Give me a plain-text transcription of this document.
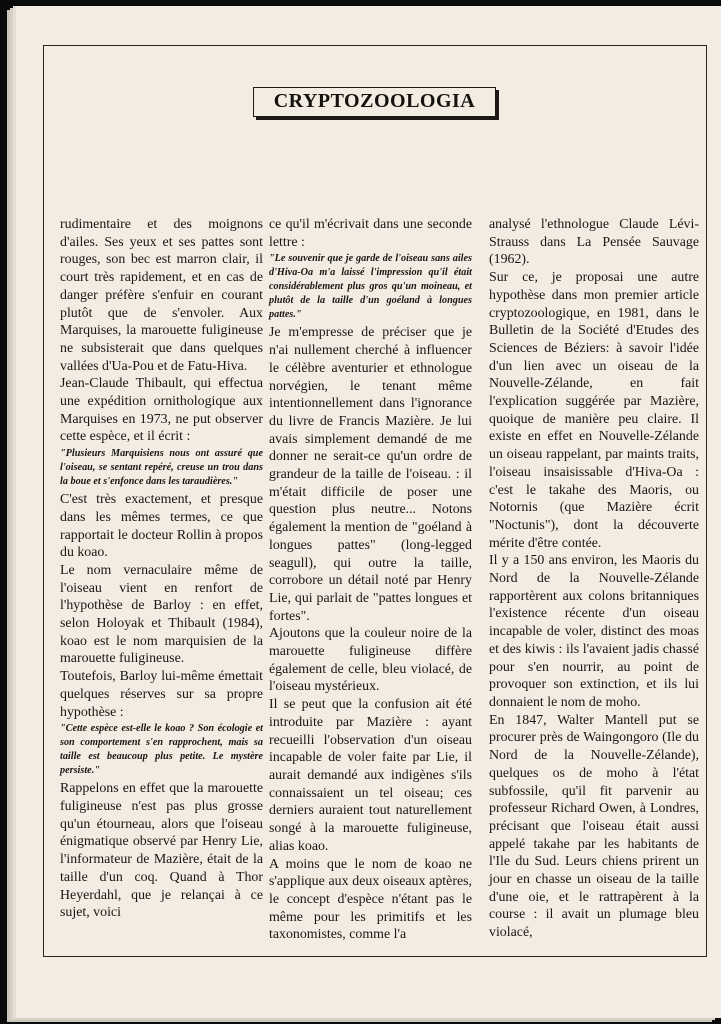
CRYPTOZOOLOGIA

rudimentaire et des moignons d'ailes. Ses yeux et ses pattes sont rouges, son bec est marron clair, il court très rapidement, et en cas de danger préfère s'enfuir en courant plutôt que de s'envoler. Aux Marquises, la marouette fuligineuse ne subsisterait que dans quelques vallées d'Ua-Pou et de Fatu-Hiva.

Jean-Claude Thibault, qui effectua une expédition ornithologique aux Marquises en 1973, ne put observer cette espèce, et il écrit :

"Plusieurs Marquisiens nous ont assuré que l'oiseau, se sentant repéré, creuse un trou dans la boue et s'enfonce dans les taraudières."

C'est très exactement, et presque dans les mêmes termes, ce que rapportait le docteur Rollin à propos du koao.

Le nom vernaculaire même de l'oiseau vient en renfort de l'hypothèse de Barloy : en effet, selon Holoyak et Thibault (1984), koao est le nom marquisien de la marouette fuligineuse.

Toutefois, Barloy lui-même émettait quelques réserves sur sa propre hypothèse :

"Cette espèce est-elle le koao ? Son écologie et son comportement s'en rapprochent, mais sa taille est beaucoup plus petite. Le mystère persiste."

Rappelons en effet que la marouette fuligineuse n'est pas plus grosse qu'un étourneau, alors que l'oiseau énigmatique observé par Henry Lie, l'informateur de Mazière, était de la taille d'un coq. Quand à Thor Heyerdahl, que je relançai à ce sujet, voici

ce qu'il m'écrivait dans une seconde lettre :

"Le souvenir que je garde de l'oiseau sans ailes d'Hiva-Oa m'a laissé l'impression qu'il était considérablement plus gros qu'un moineau, et plutôt de la taille d'un goéland à longues pattes."

Je m'empresse de préciser que je n'ai nullement cherché à influencer le célèbre aventurier et ethnologue norvégien, le tenant même intentionnellement dans l'ignorance du livre de Francis Mazière. Je lui avais simplement demandé de me donner ne serait-ce qu'un ordre de grandeur de la taille de l'oiseau. : il m'était difficile de poser une question plus neutre... Notons également la mention de "goéland à longues pattes" (long-legged seagull), qui outre la taille, corrobore un détail noté par Henry Lie, qui parlait de "pattes longues et fortes".

Ajoutons que la couleur noire de la marouette fuligineuse diffère également de celle, bleu violacé, de l'oiseau mystérieux.

Il se peut que la confusion ait été introduite par Mazière : ayant recueilli l'observation d'un oiseau incapable de voler faite par Lie, il aurait demandé aux indigènes s'ils connaissaient un tel oiseau; ces derniers auraient tout naturellement songé à la marouette fuligineuse, alias koao.

A moins que le nom de koao ne s'applique aux deux oiseaux aptères, le concept d'espèce n'étant pas le même pour les primitifs et les taxonomistes, comme l'a

analysé l'ethnologue Claude Lévi-Strauss dans La Pensée Sauvage (1962).

Sur ce, je proposai une autre hypothèse dans mon premier article cryptozoologique, en 1981, dans le Bulletin de la Société d'Etudes des Sciences de Béziers: à savoir l'idée d'un lien avec un oiseau de la Nouvelle-Zélande, en fait l'explication suggérée par Mazière, quoique de manière peu claire. Il existe en effet en Nouvelle-Zélande un oiseau rappelant, par maints traits, l'oiseau insaisissable d'Hiva-Oa : c'est le takahe des Maoris, ou Notornis (que Mazière écrit "Noctunis"), dont la découverte mérite d'être contée.

Il y a 150 ans environ, les Maoris du Nord de la Nouvelle-Zélande rapportèrent aux colons britanniques l'existence récente d'un oiseau incapable de voler, distinct des moas et des kiwis : ils l'avaient jadis chassé pour s'en nourrir, au point de provoquer son extinction, et ils lui donnaient le nom de moho.

En 1847, Walter Mantell put se procurer près de Waingongoro (Ile du Nord de la Nouvelle-Zélande), quelques os de moho à l'état subfossile, qu'il fit parvenir au professeur Richard Owen, à Londres, précisant que l'oiseau était aussi appelé takahe par les habitants de l'Ile du Sud. Leurs chiens prirent un jour en chasse un oiseau de la taille d'une oie, et le rattrapèrent à la course : il avait un plumage bleu violacé,
